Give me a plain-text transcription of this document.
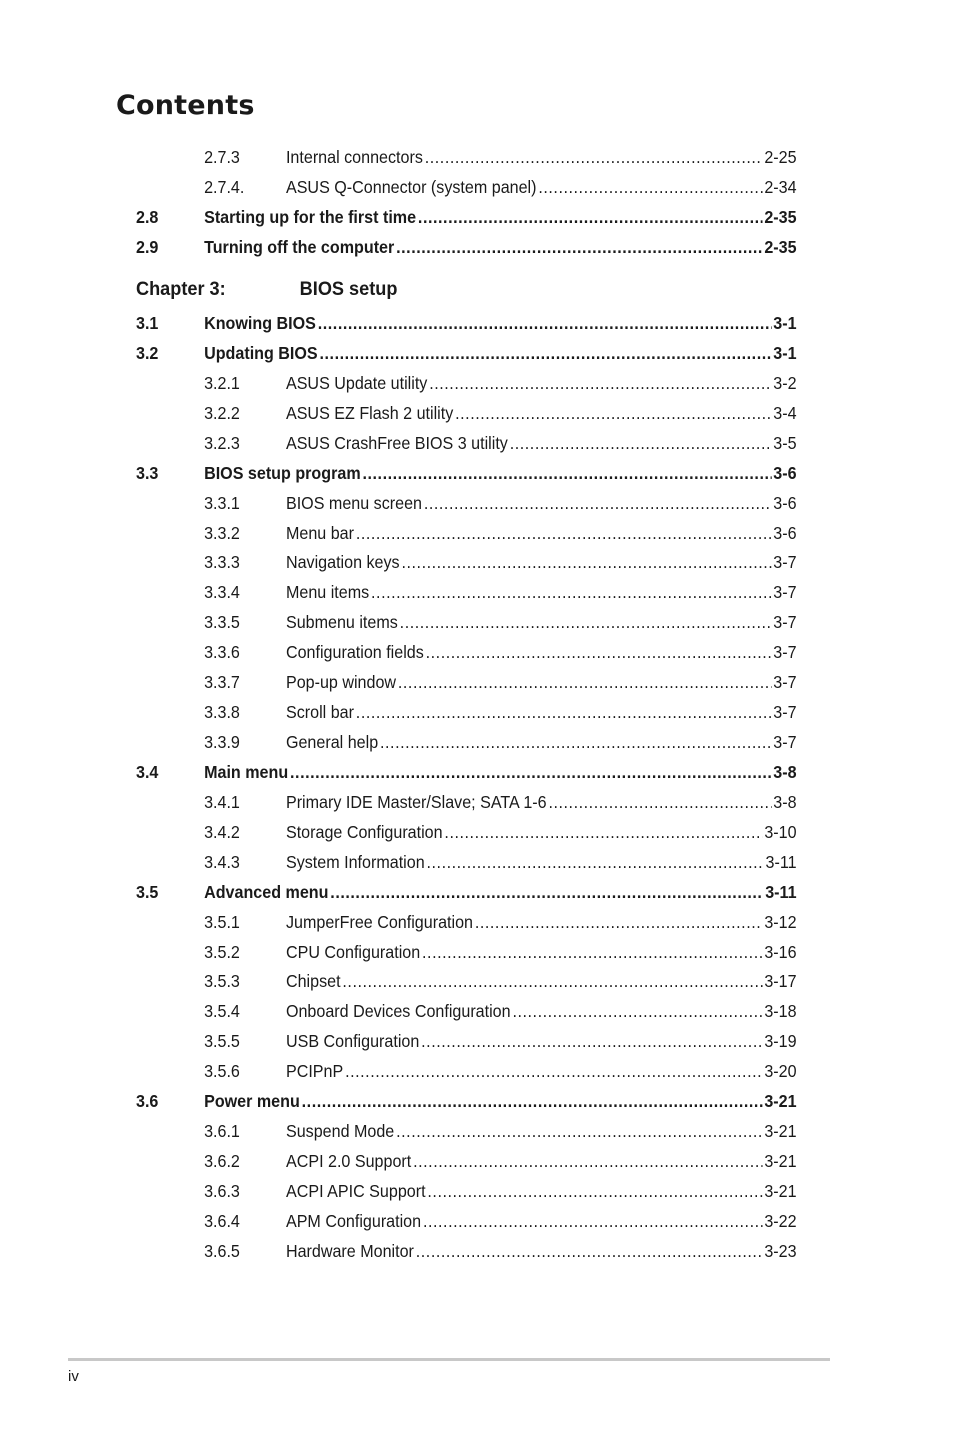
Contents
2.7.3	Internal connectors .....	2-25
2.7.4.	ASUS Q-Connector (system panel) .....	2-34
2.8	Starting up for the first time .....	2-35
2.9	Turning off the computer .....	2-35
Chapter 3:	BIOS setup
3.1	Knowing BIOS .....	3-1
3.2	Updating BIOS .....	3-1
3.2.1	ASUS Update utility .....	3-2
3.2.2	ASUS EZ Flash 2 utility .....	3-4
3.2.3	ASUS CrashFree BIOS 3 utility .....	3-5
3.3	BIOS setup program .....	3-6
3.3.1	BIOS menu screen .....	3-6
3.3.2	Menu bar .....	3-6
3.3.3	Navigation keys .....	3-7
3.3.4	Menu items .....	3-7
3.3.5	Submenu items .....	3-7
3.3.6	Configuration fields .....	3-7
3.3.7	Pop-up window .....	3-7
3.3.8	Scroll bar .....	3-7
3.3.9	General help .....	3-7
3.4	Main menu .....	3-8
3.4.1	Primary IDE Master/Slave; SATA 1-6 .....	3-8
3.4.2	Storage Configuration .....	3-10
3.4.3	System Information .....	3-11
3.5	Advanced menu .....	3-11
3.5.1	JumperFree Configuration .....	3-12
3.5.2	CPU Configuration .....	3-16
3.5.3	Chipset .....	3-17
3.5.4	Onboard Devices Configuration .....	3-18
3.5.5	USB Configuration .....	3-19
3.5.6	PCIPnP .....	3-20
3.6	Power menu .....	3-21
3.6.1	Suspend Mode .....	3-21
3.6.2	ACPI 2.0 Support .....	3-21
3.6.3	ACPI APIC Support .....	3-21
3.6.4	APM Configuration .....	3-22
3.6.5	Hardware Monitor .....	3-23
iv
